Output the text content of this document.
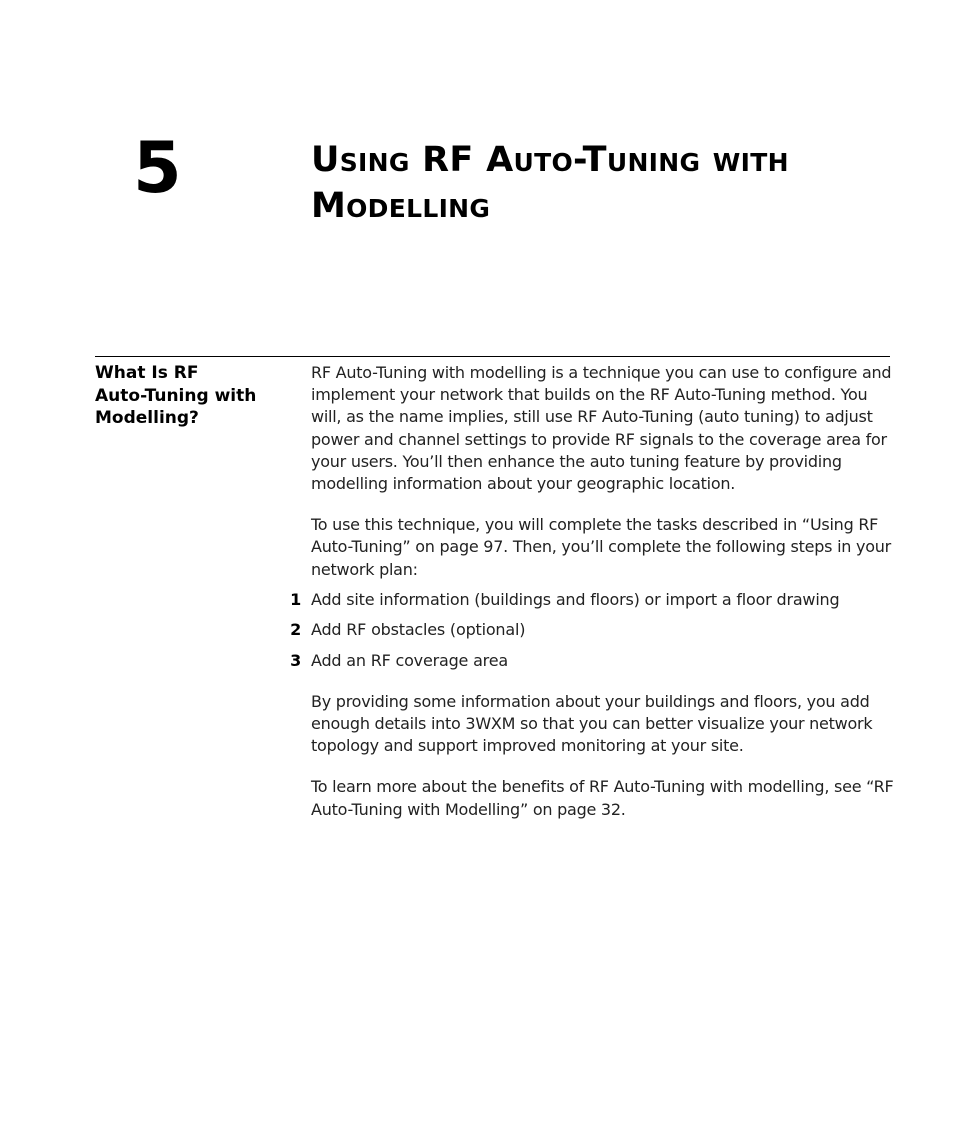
5	Using RF Auto-Tuning with
Modelling
What Is RF
Auto-Tuning with
Modelling?

RF Auto-Tuning with modelling is a technique you can use to configure and implement your network that builds on the RF Auto-Tuning method. You will, as the name implies, still use RF Auto-Tuning (auto tuning) to adjust power and channel settings to provide RF signals to the coverage area for your users. You’ll then enhance the auto tuning feature by providing modelling information about your geographic location.

To use this technique, you will complete the tasks described in “Using RF Auto-Tuning” on page 97. Then, you’ll complete the following steps in your network plan:

1 Add site information (buildings and floors) or import a floor drawing
2 Add RF obstacles (optional)
3 Add an RF coverage area

By providing some information about your buildings and floors, you add enough details into 3WXM so that you can better visualize your network topology and support improved monitoring at your site.

To learn more about the benefits of RF Auto-Tuning with modelling, see “RF Auto-Tuning with Modelling” on page 32.
